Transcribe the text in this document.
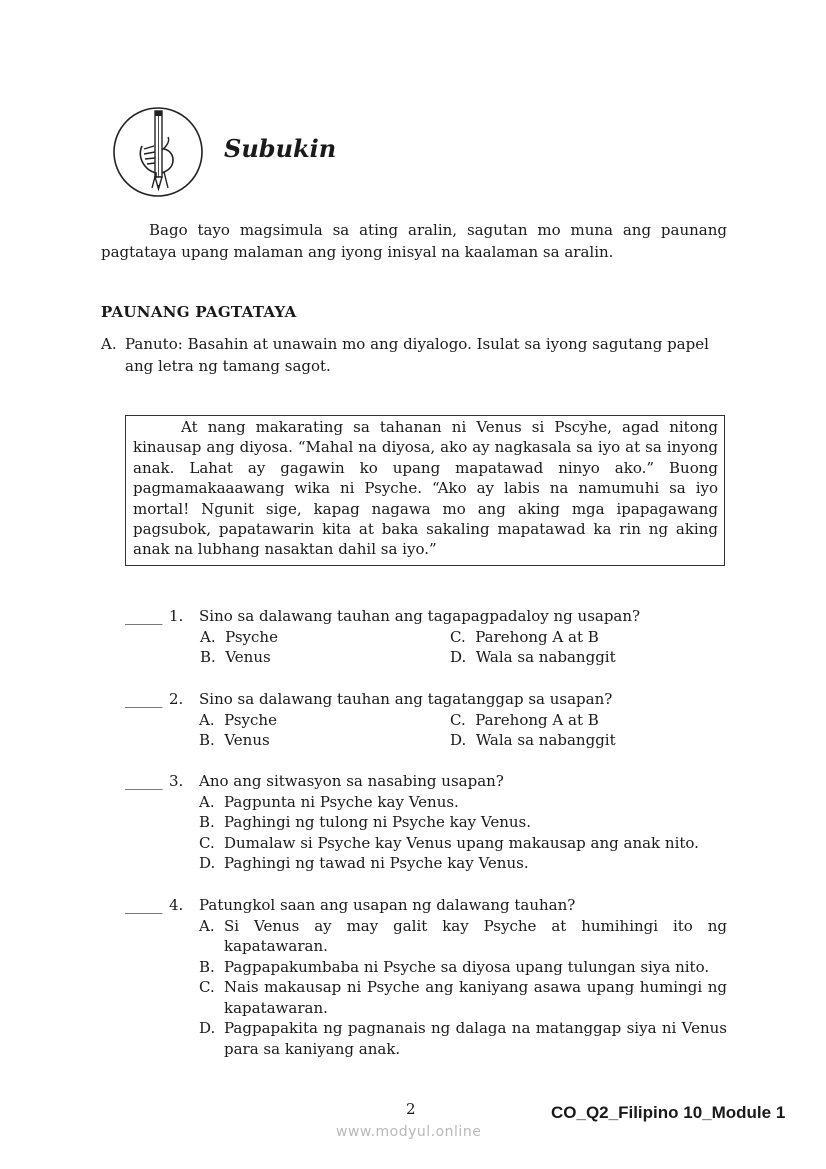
Subukin
Bago tayo magsimula sa ating aralin, sagutan mo muna ang paunang pagtataya upang malaman ang iyong inisyal na kaalaman sa aralin.
PAUNANG PAGTATAYA
A. Panuto: Basahin at unawain mo ang diyalogo. Isulat sa iyong sagutang papel ang letra ng tamang sagot.

At nang makarating sa tahanan ni Venus si Pscyhe, agad nitong kinausap ang diyosa. “Mahal na diyosa, ako ay nagkasala sa iyo at sa inyong anak. Lahat ay gagawin ko upang mapatawad ninyo ako.” Buong pagmamakaaawang wika ni Psyche. “Ako ay labis na namumuhi sa iyo mortal! Ngunit sige, kapag nagawa mo ang aking mga ipapagawang pagsubok, papatawarin kita at baka sakaling mapatawad ka rin ng aking anak na lubhang nasaktan dahil sa iyo.”

_____ 1. Sino sa dalawang tauhan ang tagapagpadaloy ng usapan?
A. Psyche	C. Parehong A at B
B. Venus	D. Wala sa nabanggit
_____ 2. Sino sa dalawang tauhan ang tagatanggap sa usapan?
A. Psyche	C. Parehong A at B
B. Venus	D. Wala sa nabanggit
_____ 3. Ano ang sitwasyon sa nasabing usapan?
A. Pagpunta ni Psyche kay Venus.
B. Paghingi ng tulong ni Psyche kay Venus.
C. Dumalaw si Psyche kay Venus upang makausap ang anak nito.
D. Paghingi ng tawad ni Psyche kay Venus.
_____ 4. Patungkol saan ang usapan ng dalawang tauhan?
A. Si Venus ay may galit kay Psyche at humihingi ito ng kapatawaran.
B. Pagpapakumbaba ni Psyche sa diyosa upang tulungan siya nito.
C. Nais makausap ni Psyche ang kaniyang asawa upang humingi ng kapatawaran.
D. Pagpapakita ng pagnanais ng dalaga na matanggap siya ni Venus para sa kaniyang anak.
2	CO_Q2_Filipino 10_Module 1
www.modyul.online
